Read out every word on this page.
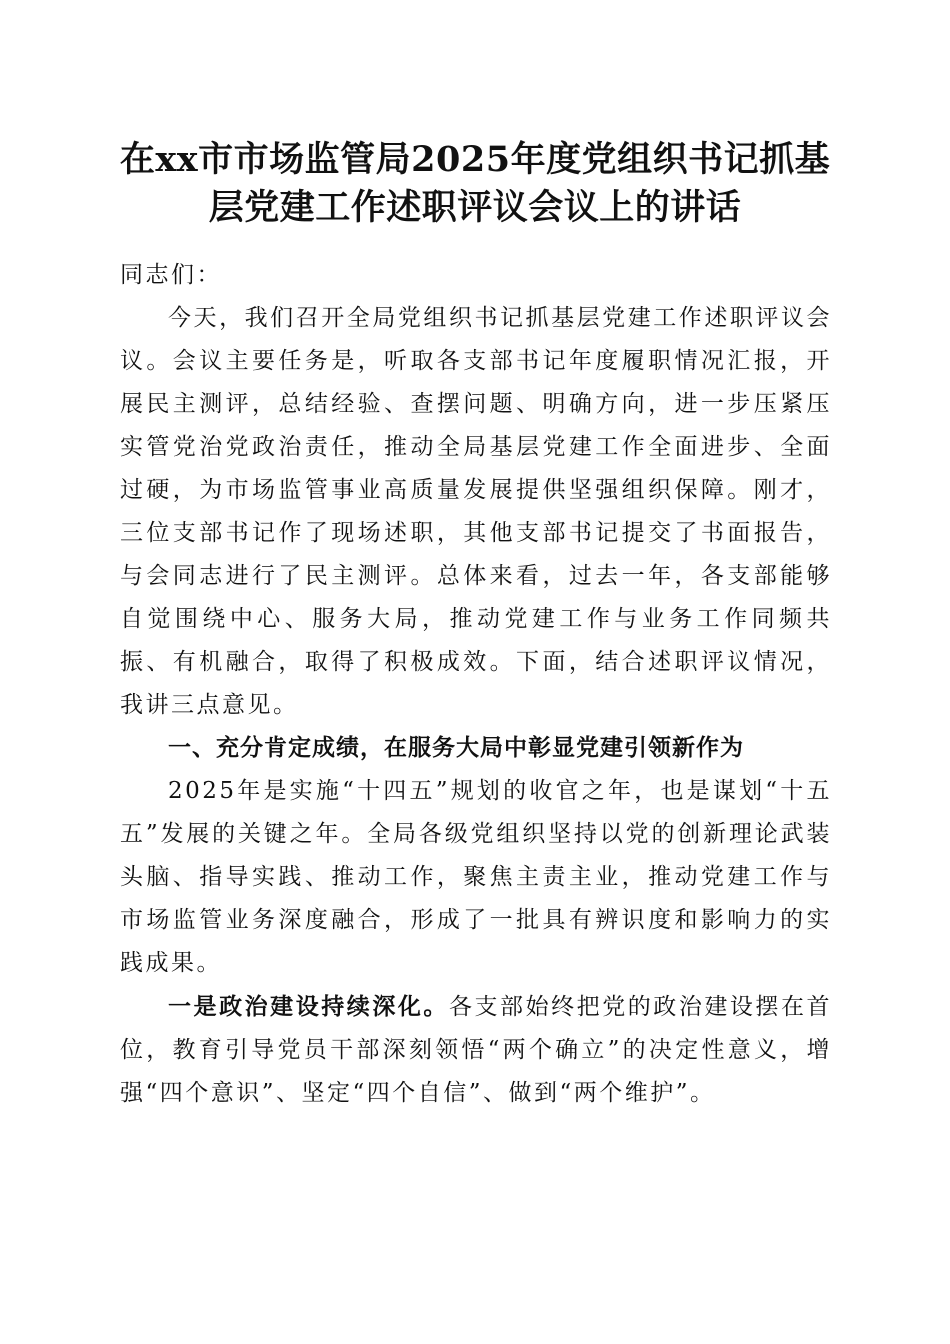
在xx市市场监管局2025年度党组织书记抓基
层党建工作述职评议会议上的讲话

同志们：

今天，我们召开全局党组织书记抓基层党建工作述职评议会议。会议主要任务是，听取各支部书记年度履职情况汇报，开展民主测评，总结经验、查摆问题、明确方向，进一步压紧压实管党治党政治责任，推动全局基层党建工作全面进步、全面过硬，为市场监管事业高质量发展提供坚强组织保障。刚才，三位支部书记作了现场述职，其他支部书记提交了书面报告，与会同志进行了民主测评。总体来看，过去一年，各支部能够自觉围绕中心、服务大局，推动党建工作与业务工作同频共振、有机融合，取得了积极成效。下面，结合述职评议情况，我讲三点意见。

一、充分肯定成绩，在服务大局中彰显党建引领新作为

2025年是实施“十四五”规划的收官之年，也是谋划“十五五”发展的关键之年。全局各级党组织坚持以党的创新理论武装头脑、指导实践、推动工作，聚焦主责主业，推动党建工作与市场监管业务深度融合，形成了一批具有辨识度和影响力的实践成果。

一是政治建设持续深化。各支部始终把党的政治建设摆在首位，教育引导党员干部深刻领悟“两个确立”的决定性意义，增强“四个意识”、坚定“四个自信”、做到“两个维护”。
